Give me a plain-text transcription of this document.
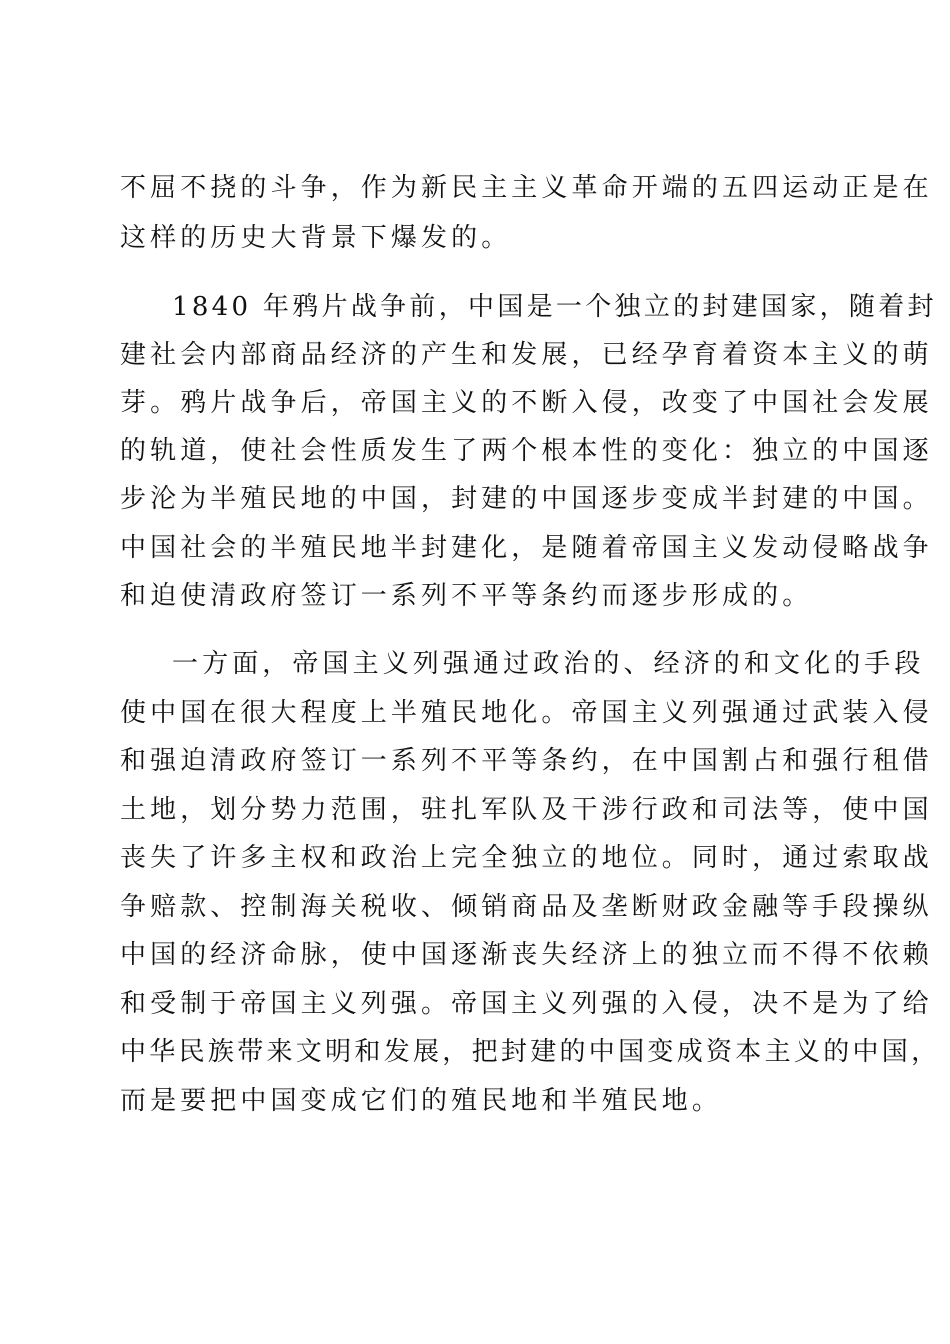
不屈不挠的斗争，作为新民主主义革命开端的五四运动正是在
这样的历史大背景下爆发的。
1840 年鸦片战争前，中国是一个独立的封建国家，随着封
建社会内部商品经济的产生和发展，已经孕育着资本主义的萌
芽。鸦片战争后，帝国主义的不断入侵，改变了中国社会发展
的轨道，使社会性质发生了两个根本性的变化：独立的中国逐
步沦为半殖民地的中国，封建的中国逐步变成半封建的中国。
中国社会的半殖民地半封建化，是随着帝国主义发动侵略战争
和迫使清政府签订一系列不平等条约而逐步形成的。
一方面，帝国主义列强通过政治的、经济的和文化的手段
使中国在很大程度上半殖民地化。帝国主义列强通过武装入侵
和强迫清政府签订一系列不平等条约，在中国割占和强行租借
土地，划分势力范围，驻扎军队及干涉行政和司法等，使中国
丧失了许多主权和政治上完全独立的地位。同时，通过索取战
争赔款、控制海关税收、倾销商品及垄断财政金融等手段操纵
中国的经济命脉，使中国逐渐丧失经济上的独立而不得不依赖
和受制于帝国主义列强。帝国主义列强的入侵，决不是为了给
中华民族带来文明和发展，把封建的中国变成资本主义的中国，
而是要把中国变成它们的殖民地和半殖民地。
